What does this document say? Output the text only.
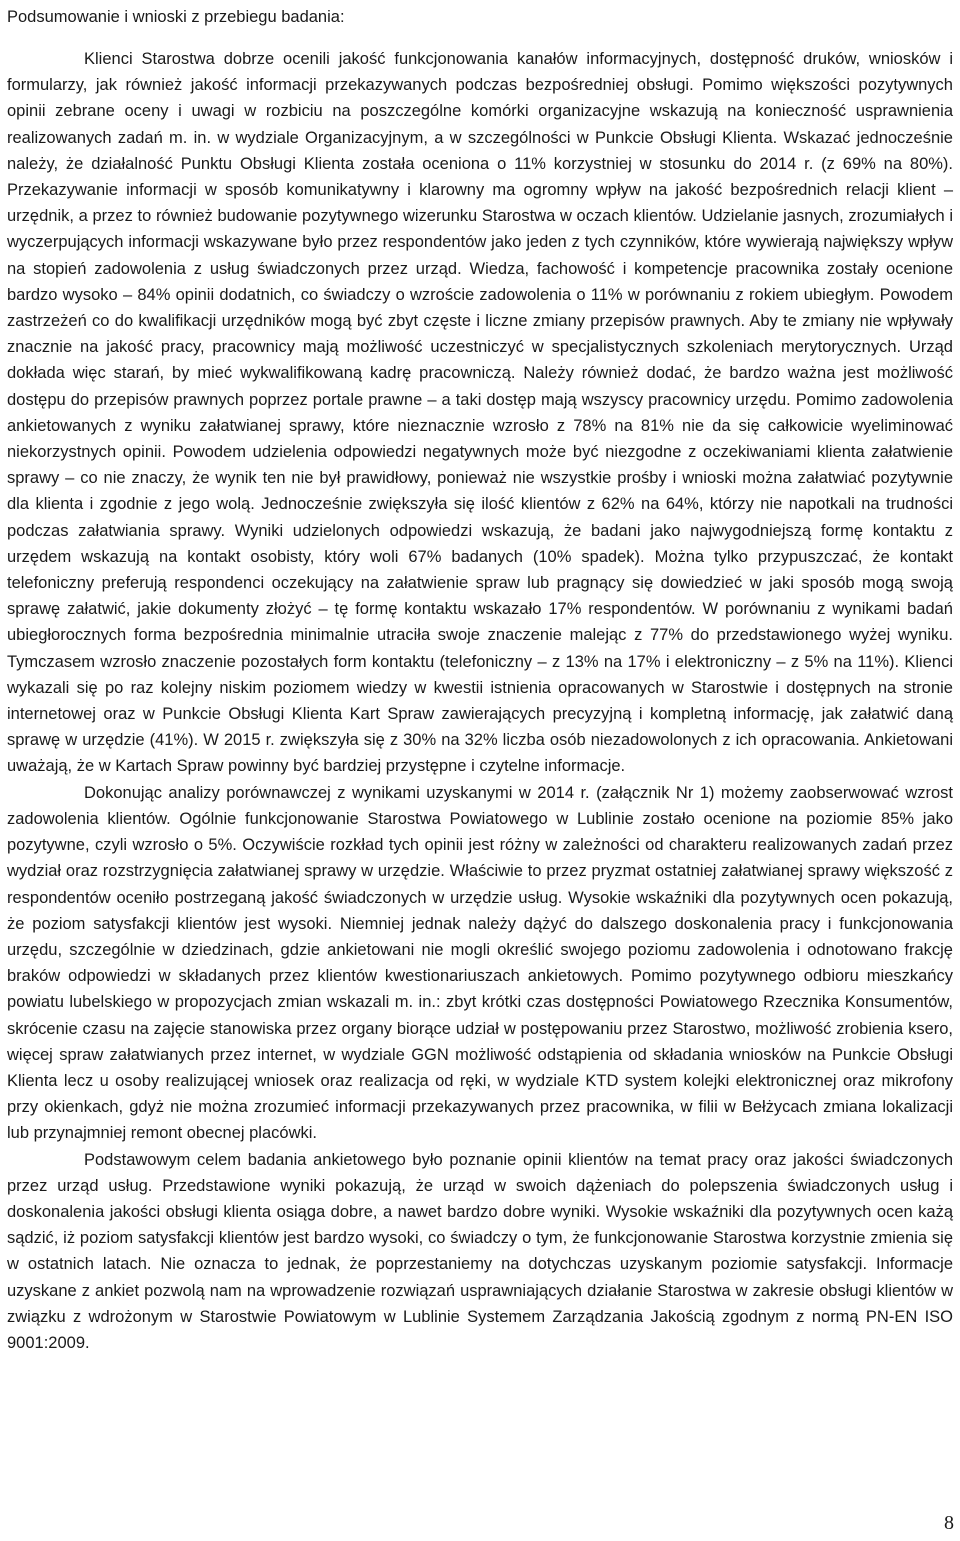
Podsumowanie i wnioski z przebiegu badania:

Klienci Starostwa dobrze ocenili jakość funkcjonowania kanałów informacyjnych, dostępność druków, wniosków i formularzy, jak również jakość informacji przekazywanych podczas bezpośredniej obsługi. Pomimo większości pozytywnych opinii zebrane oceny i uwagi w rozbiciu na poszczególne komórki organizacyjne wskazują na konieczność usprawnienia realizowanych zadań m. in. w wydziale Organizacyjnym, a w szczególności w Punkcie Obsługi Klienta. Wskazać jednocześnie należy, że działalność Punktu Obsługi Klienta została oceniona o 11% korzystniej w stosunku do 2014 r. (z 69% na 80%). Przekazywanie informacji w sposób komunikatywny i klarowny ma ogromny wpływ na jakość bezpośrednich relacji klient – urzędnik, a przez to również budowanie pozytywnego wizerunku Starostwa w oczach klientów. Udzielanie jasnych, zrozumiałych i wyczerpujących informacji wskazywane było przez respondentów jako jeden z tych czynników, które wywierają największy wpływ na stopień zadowolenia z usług świadczonych przez urząd. Wiedza, fachowość i kompetencje pracownika zostały ocenione bardzo wysoko – 84% opinii dodatnich, co świadczy o wzroście zadowolenia o 11% w porównaniu z rokiem ubiegłym. Powodem zastrzeżeń co do kwalifikacji urzędników mogą być zbyt częste i liczne zmiany przepisów prawnych. Aby te zmiany nie wpływały znacznie na jakość pracy, pracownicy mają możliwość uczestniczyć w specjalistycznych szkoleniach merytorycznych. Urząd dokłada więc starań, by mieć wykwalifikowaną kadrę pracowniczą. Należy również dodać, że bardzo ważna jest możliwość dostępu do przepisów prawnych poprzez portale prawne – a taki dostęp mają wszyscy pracownicy urzędu. Pomimo zadowolenia ankietowanych z wyniku załatwianej sprawy, które nieznacznie wzrosło z 78% na 81% nie da się całkowicie wyeliminować niekorzystnych opinii. Powodem udzielenia odpowiedzi negatywnych może być niezgodne z oczekiwaniami klienta załatwienie sprawy – co nie znaczy, że wynik ten nie był prawidłowy, ponieważ nie wszystkie prośby i wnioski można załatwiać pozytywnie dla klienta i zgodnie z jego wolą. Jednocześnie zwiększyła się ilość klientów z 62% na 64%, którzy nie napotkali na trudności podczas załatwiania sprawy. Wyniki udzielonych odpowiedzi wskazują, że badani jako najwygodniejszą formę kontaktu z urzędem wskazują na kontakt osobisty, który woli 67% badanych (10% spadek). Można tylko przypuszczać, że kontakt telefoniczny preferują respondenci oczekujący na załatwienie spraw lub pragnący się dowiedzieć w jaki sposób mogą swoją sprawę załatwić, jakie dokumenty złożyć – tę formę kontaktu wskazało 17% respondentów. W porównaniu z wynikami badań ubiegłorocznych forma bezpośrednia minimalnie utraciła swoje znaczenie malejąc z 77% do przedstawionego wyżej wyniku. Tymczasem wzrosło znaczenie pozostałych form kontaktu (telefoniczny – z 13% na 17% i elektroniczny – z 5% na 11%). Klienci wykazali się po raz kolejny niskim poziomem wiedzy w kwestii istnienia opracowanych w Starostwie i dostępnych na stronie internetowej oraz w Punkcie Obsługi Klienta Kart Spraw zawierających precyzyjną i kompletną informację, jak załatwić daną sprawę w urzędzie (41%). W 2015 r. zwiększyła się z 30% na 32% liczba osób niezadowolonych z ich opracowania. Ankietowani uważają, że w Kartach Spraw powinny być bardziej przystępne i czytelne informacje.

Dokonując analizy porównawczej z wynikami uzyskanymi w 2014 r. (załącznik Nr 1) możemy zaobserwować wzrost zadowolenia klientów. Ogólnie funkcjonowanie Starostwa Powiatowego w Lublinie zostało ocenione na poziomie 85% jako pozytywne, czyli wzrosło o 5%. Oczywiście rozkład tych opinii jest różny w zależności od charakteru realizowanych zadań przez wydział oraz rozstrzygnięcia załatwianej sprawy w urzędzie. Właściwie to przez pryzmat ostatniej załatwianej sprawy większość z respondentów oceniło postrzeganą jakość świadczonych w urzędzie usług. Wysokie wskaźniki dla pozytywnych ocen pokazują, że poziom satysfakcji klientów jest wysoki. Niemniej jednak należy dążyć do dalszego doskonalenia pracy i funkcjonowania urzędu, szczególnie w dziedzinach, gdzie ankietowani nie mogli określić swojego poziomu zadowolenia i odnotowano frakcję braków odpowiedzi w składanych przez klientów kwestionariuszach ankietowych. Pomimo pozytywnego odbioru mieszkańcy powiatu lubelskiego w propozycjach zmian wskazali m. in.: zbyt krótki czas dostępności Powiatowego Rzecznika Konsumentów, skrócenie czasu na zajęcie stanowiska przez organy biorące udział w postępowaniu przez Starostwo, możliwość zrobienia ksero, więcej spraw załatwianych przez internet, w wydziale GGN możliwość odstąpienia od składania wniosków na Punkcie Obsługi Klienta lecz u osoby realizującej wniosek oraz realizacja od ręki, w wydziale KTD system kolejki elektronicznej oraz mikrofony przy okienkach, gdyż nie można zrozumieć informacji przekazywanych przez pracownika, w filii w Bełżycach zmiana lokalizacji lub przynajmniej remont obecnej placówki.

Podstawowym celem badania ankietowego było poznanie opinii klientów na temat pracy oraz jakości świadczonych przez urząd usług. Przedstawione wyniki pokazują, że urząd w swoich dążeniach do polepszenia świadczonych usług i doskonalenia jakości obsługi klienta osiąga dobre, a nawet bardzo dobre wyniki. Wysokie wskaźniki dla pozytywnych ocen każą sądzić, iż poziom satysfakcji klientów jest bardzo wysoki, co świadczy o tym, że funkcjonowanie Starostwa korzystnie zmienia się w ostatnich latach. Nie oznacza to jednak, że poprzestaniemy na dotychczas uzyskanym poziomie satysfakcji. Informacje uzyskane z ankiet pozwolą nam na wprowadzenie rozwiązań usprawniających działanie Starostwa w zakresie obsługi klientów w związku z wdrożonym w Starostwie Powiatowym w Lublinie Systemem Zarządzania Jakością zgodnym z normą PN-EN ISO 9001:2009.

8
